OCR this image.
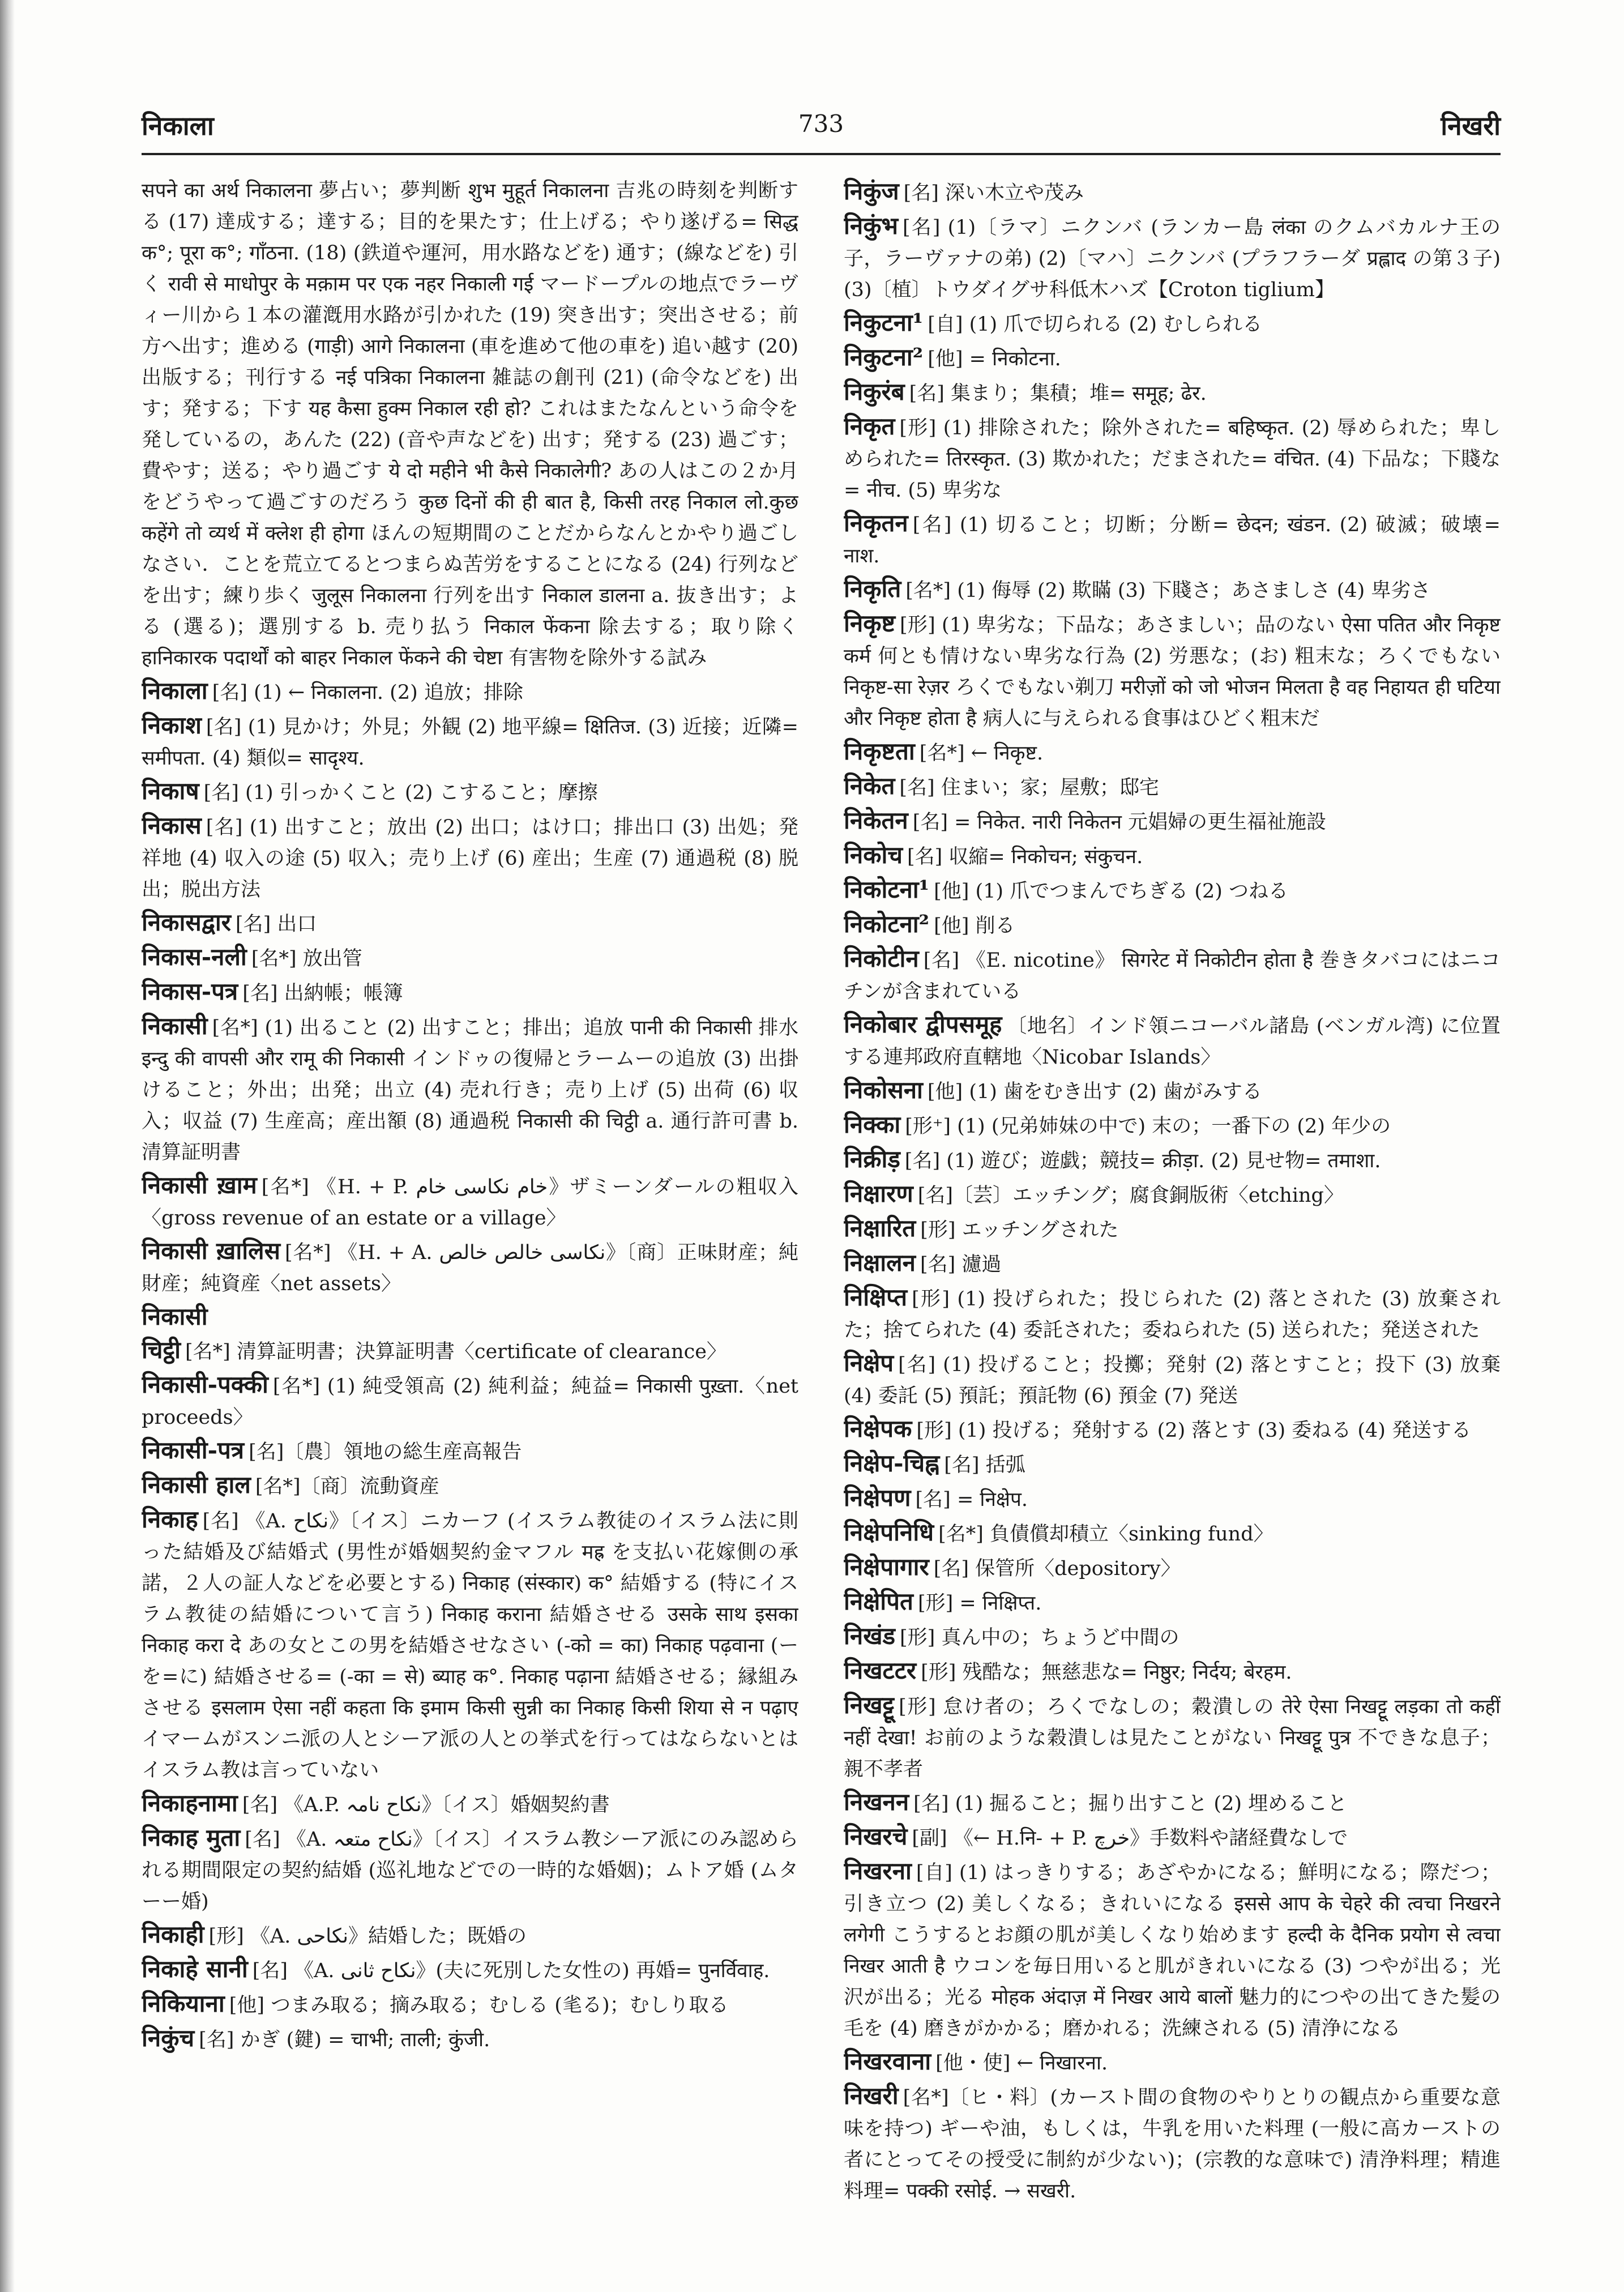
निकाला	733	निखरी

सपने का अर्थ निकालना 夢占い；夢判断 शुभ मुहूर्त निकालना 吉兆の時刻を判断する (17) 達成する；達する；目的を果たす；仕上げる；やり遂げる= सिद्ध क°; पूरा क°; गाँठना. (18) (鉄道や運河，用水路などを) 通す；(線などを) 引く रावी से माधोपुर के मक़ाम पर एक नहर निकाली गई マードープルの地点でラーヴィー川から１本の灌漑用水路が引かれた (19) 突き出す；突出させる；前方へ出す；進める (गाड़ी) आगे निकालना (車を進めて他の車を) 追い越す (20) 出版する；刊行する नई पत्रिका निकालना 雑誌の創刊 (21) (命令などを) 出す；発する；下す यह कैसा हुक्म निकाल रही हो? これはまたなんという命令を発しているの，あんた (22) (音や声などを) 出す；発する (23) 過ごす；費やす；送る；やり過ごす ये दो महीने भी कैसे निकालेगी? あの人はこの２か月をどうやって過ごすのだろう कुछ दिनों की ही बात है, किसी तरह निकाल लो.कुछ कहेंगे तो व्यर्थ में क्लेश ही होगा ほんの短期間のことだからなんとかやり過ごしなさい．ことを荒立てるとつまらぬ苦労をすることになる (24) 行列などを出す；練り歩く जुलूस निकालना 行列を出す निकाल डालना a. 抜き出す；よる (選る)；選別する b. 売り払う निकाल फेंकना 除去する；取り除く हानिकारक पदार्थों को बाहर निकाल फेंकने की चेष्टा 有害物を除外する試み

निकाला [名] (1) ← निकालना. (2) 追放；排除

निकाश [名] (1) 見かけ；外見；外観 (2) 地平線= क्षितिज. (3) 近接；近隣= समीपता. (4) 類似= सादृश्य.

निकाष [名] (1) 引っかくこと (2) こすること；摩擦

निकास [名] (1) 出すこと；放出 (2) 出口；はけ口；排出口 (3) 出処；発祥地 (4) 収入の途 (5) 収入；売り上げ (6) 産出；生産 (7) 通過税 (8) 脱出；脱出方法

निकासद्वार [名] 出口

निकास-नली [名*] 放出管

निकास-पत्र [名] 出納帳；帳簿

निकासी [名*] (1) 出ること (2) 出すこと；排出；追放 पानी की निकासी 排水 इन्दु की वापसी और रामू की निकासी インドゥの復帰とラームーの追放 (3) 出掛けること；外出；出発；出立 (4) 売れ行き；売り上げ (5) 出荷 (6) 収入；収益 (7) 生産高；産出額 (8) 通過税 निकासी की चिट्ठी a. 通行許可書 b. 清算証明書

निकासी ख़ाम [名*] 《H. + P. خام نکاسی خام》ザミーンダールの粗収入〈gross revenue of an estate or a village〉

निकासी ख़ालिस [名*] 《H. + A. نکاسی خالص خالص》〔商〕正味財産；純財産；純資産〈net assets〉

निकासी चिट्ठी [名*] 清算証明書；決算証明書〈certificate of clearance〉

निकासी-पक्की [名*] (1) 純受領高 (2) 純利益；純益= निकासी पुख़्ता.〈net proceeds〉

निकासी-पत्र [名]〔農〕領地の総生産高報告

निकासी हाल [名*]〔商〕流動資産

निकाह [名] 《A. نکاح》〔イス〕ニカーフ (イスラム教徒のイスラム法に則った結婚及び結婚式 (男性が婚姻契約金マフル मह्र を支払い花嫁側の承諾，２人の証人などを必要とする) निकाह (संस्कार) क° 結婚する (特にイスラム教徒の結婚について言う) निकाह कराना 結婚させる उसके साथ इसका निकाह करा दे あの女とこの男を結婚させなさい (-को = का) निकाह पढ़वाना (ーを=に) 結婚させる= (-का = से) ब्याह क°. निकाह पढ़ाना 結婚させる；縁組みさせる इसलाम ऐसा नहीं कहता कि इमाम किसी सुन्नी का निकाह किसी शिया से न पढ़ाए イマームがスンニ派の人とシーア派の人との挙式を行ってはならないとはイスラム教は言っていない

निकाहनामा [名] 《A.P. نکاح نامہ》〔イス〕婚姻契約書

निकाह मुता [名] 《A. نکاح متعہ》〔イス〕イスラム教シーア派にのみ認められる期間限定の契約結婚 (巡礼地などでの一時的な婚姻)；ムトア婚 (ムターー婚)

निकाही [形] 《A. نکاحی》結婚した；既婚の

निकाहे सानी [名] 《A. نکاح ثانی》(夫に死別した女性の) 再婚= पुनर्विवाह.

निकियाना [他] つまみ取る；摘み取る；むしる (毟る)；むしり取る

निकुंच [名] かぎ (鍵) = चाभी; ताली; कुंजी.

निकुंज [名] 深い木立や茂み

निकुंभ [名] (1)〔ラマ〕ニクンバ (ランカー島 लंका のクムバカルナ王の子，ラーヴァナの弟) (2)〔マハ〕ニクンバ (プラフラーダ प्रह्लाद の第３子) (3)〔植〕トウダイグサ科低木ハズ【Croton tiglium】

निकुटना¹ [自] (1) 爪で切られる (2) むしられる

निकुटना² [他] = निकोटना.

निकुरंब [名] 集まり；集積；堆= समूह; ढेर.

निकृत [形] (1) 排除された；除外された= बहिष्कृत. (2) 辱められた；卑しめられた= तिरस्कृत. (3) 欺かれた；だまされた= वंचित. (4) 下品な；下賤な= नीच. (5) 卑劣な

निकृतन [名] (1) 切ること；切断；分断= छेदन; खंडन. (2) 破滅；破壊= नाश.

निकृति [名*] (1) 侮辱 (2) 欺瞞 (3) 下賤さ；あさましさ (4) 卑劣さ

निकृष्ट [形] (1) 卑劣な；下品な；あさましい；品のない ऐसा पतित और निकृष्ट कर्म 何とも情けない卑劣な行為 (2) 労悪な；(お) 粗末な；ろくでもない निकृष्ट-सा रेज़र ろくでもない剃刀 मरीज़ों को जो भोजन मिलता है वह निहायत ही घटिया और निकृष्ट होता है 病人に与えられる食事はひどく粗末だ

निकृष्टता [名*] ← निकृष्ट.

निकेत [名] 住まい；家；屋敷；邸宅

निकेतन [名] = निकेत. नारी निकेतन 元娼婦の更生福祉施設

निकोच [名] 収縮= निकोचन; संकुचन.

निकोटना¹ [他] (1) 爪でつまんでちぎる (2) つねる

निकोटना² [他] 削る

निकोटीन [名] 《E. nicotine》 सिगरेट में निकोटीन होता है 巻きタバコにはニコチンが含まれている

निकोबार द्वीपसमूह 〔地名〕インド領ニコーバル諸島 (ベンガル湾) に位置する連邦政府直轄地〈Nicobar Islands〉

निकोसना [他] (1) 歯をむき出す (2) 歯がみする

निक्का [形⁺] (1) (兄弟姉妹の中で) 末の；一番下の (2) 年少の

निक्रीड़ [名] (1) 遊び；遊戯；競技= क्रीड़ा. (2) 見せ物= तमाशा.

निक्षारण [名]〔芸〕エッチング；腐食銅版術〈etching〉

निक्षारित [形] エッチングされた

निक्षालन [名] 濾過

निक्षिप्त [形] (1) 投げられた；投じられた (2) 落とされた (3) 放棄された；捨てられた (4) 委託された；委ねられた (5) 送られた；発送された

निक्षेप [名] (1) 投げること；投擲；発射 (2) 落とすこと；投下 (3) 放棄 (4) 委託 (5) 預託；預託物 (6) 預金 (7) 発送

निक्षेपक [形] (1) 投げる；発射する (2) 落とす (3) 委ねる (4) 発送する

निक्षेप-चिह्न [名] 括弧

निक्षेपण [名] = निक्षेप.

निक्षेपनिधि [名*] 負債償却積立〈sinking fund〉

निक्षेपागार [名] 保管所〈depository〉

निक्षेपित [形] = निक्षिप्त.

निखंड [形] 真ん中の；ちょうど中間の

निखटटर [形] 残酷な；無慈悲な= निष्ठुर; निर्दय; बेरहम.

निखट्टू [形] 怠け者の；ろくでなしの；穀潰しの तेरे ऐसा निखट्टू लड़का तो कहीं नहीं देखा! お前のような穀潰しは見たことがない निखट्टू पुत्र 不できな息子；親不孝者

निखनन [名] (1) 掘ること；掘り出すこと (2) 埋めること

निखरचे [副] 《← H.नि- + P. خرچ》手数料や諸経費なしで

निखरना [自] (1) はっきりする；あざやかになる；鮮明になる；際だつ；引き立つ (2) 美しくなる；きれいになる इससे आप के चेहरे की त्वचा निखरने लगेगी こうするとお顔の肌が美しくなり始めます हल्दी के दैनिक प्रयोग से त्वचा निखर आती है ウコンを毎日用いると肌がきれいになる (3) つやが出る；光沢が出る；光る मोहक अंदाज़ में निखर आये बालों 魅力的につやの出てきた髪の毛を (4) 磨きがかかる；磨かれる；洗練される (5) 清浄になる

निखरवाना [他・使] ← निखारना.

निखरी [名*]〔ヒ・料〕(カースト間の食物のやりとりの観点から重要な意味を持つ) ギーや油，もしくは，牛乳を用いた料理 (一般に高カーストの者にとってその授受に制約が少ない)；(宗教的な意味で) 清浄料理；精進料理= पक्की रसोई. → सखरी.
